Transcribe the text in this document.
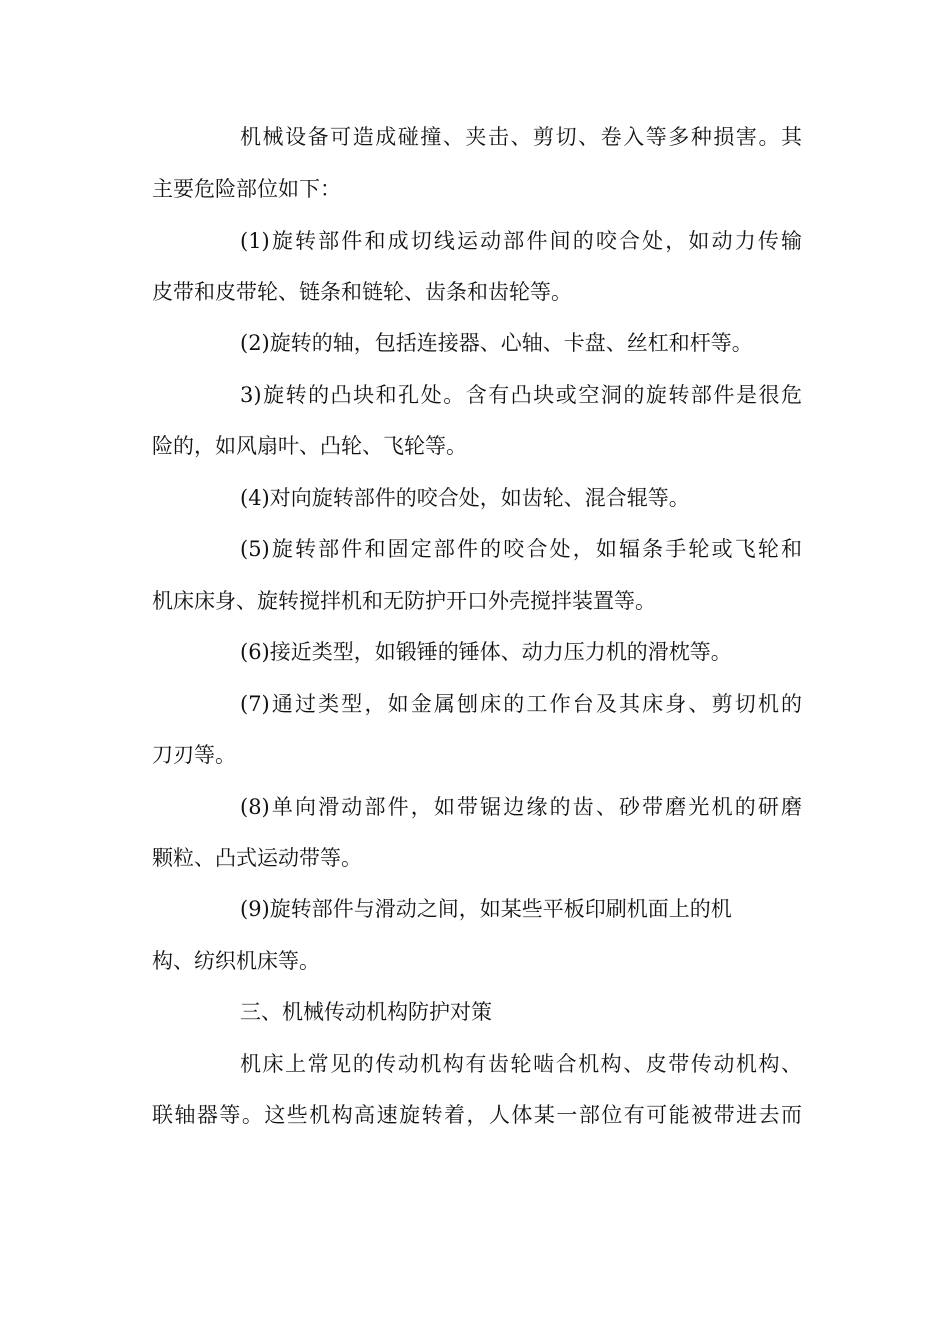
机械设备可造成碰撞、夹击、剪切、卷入等多种损害。其
主要危险部位如下：
(1)旋转部件和成切线运动部件间的咬合处，如动力传输
皮带和皮带轮、链条和链轮、齿条和齿轮等。
(2)旋转的轴，包括连接器、心轴、卡盘、丝杠和杆等。
3)旋转的凸块和孔处。含有凸块或空洞的旋转部件是很危
险的，如风扇叶、凸轮、飞轮等。
(4)对向旋转部件的咬合处，如齿轮、混合辊等。
(5)旋转部件和固定部件的咬合处，如辐条手轮或飞轮和
机床床身、旋转搅拌机和无防护开口外壳搅拌装置等。
(6)接近类型，如锻锤的锤体、动力压力机的滑枕等。
(7)通过类型，如金属刨床的工作台及其床身、剪切机的
刀刃等。
(8)单向滑动部件，如带锯边缘的齿、砂带磨光机的研磨
颗粒、凸式运动带等。
(9)旋转部件与滑动之间，如某些平板印刷机面上的机
构、纺织机床等。
三、机械传动机构防护对策
机床上常见的传动机构有齿轮啮合机构、皮带传动机构、
联轴器等。这些机构高速旋转着，人体某一部位有可能被带进去而
